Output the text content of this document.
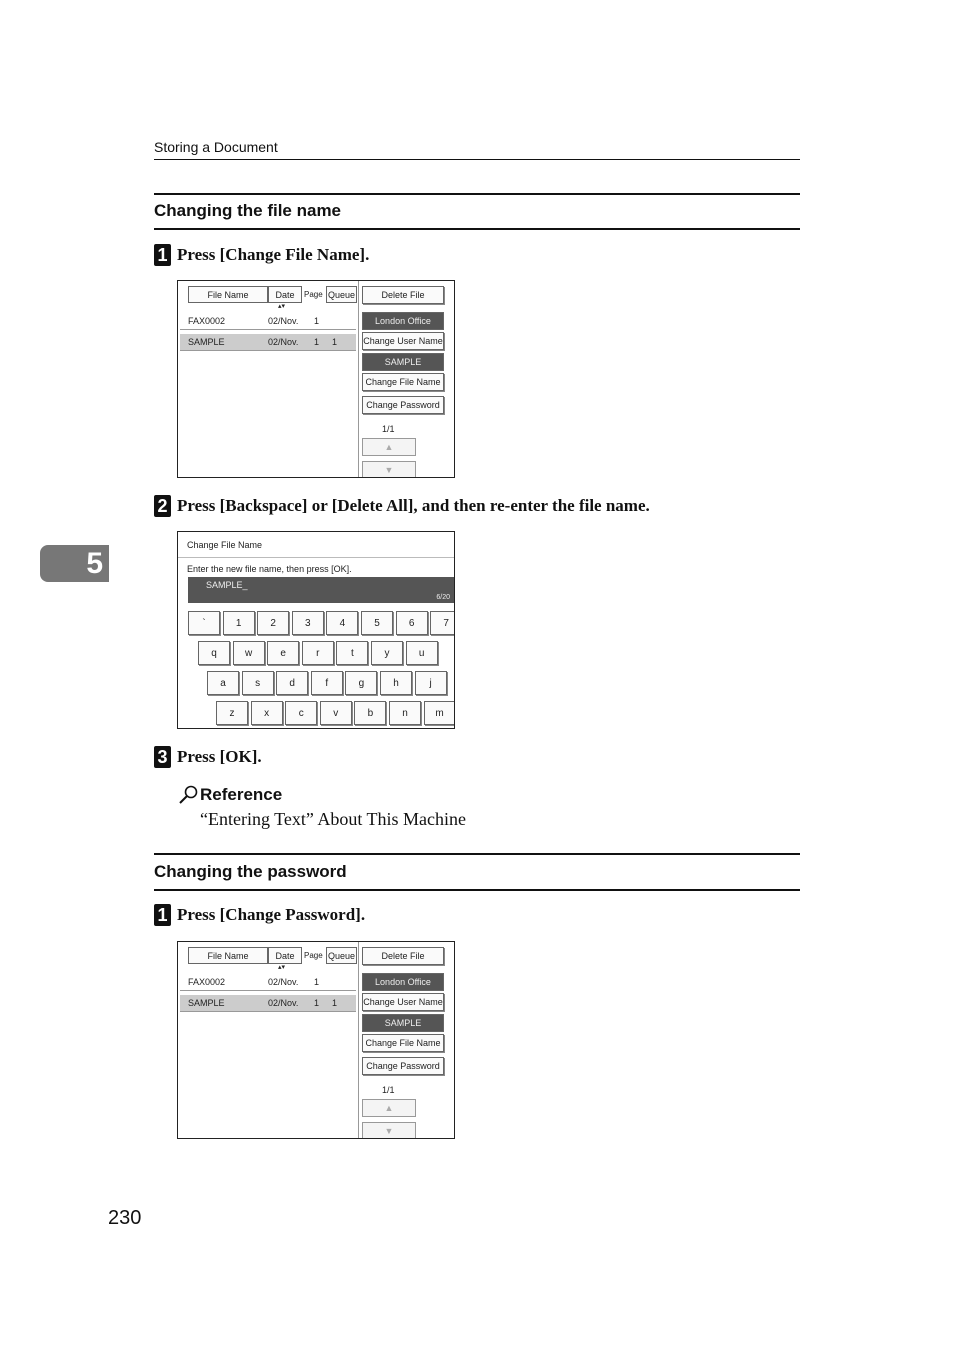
Storing a Document
5
Changing the file name
1 Press [Change File Name].
File Name	Date	Page Queue
▴▾
FAX0002	02/Nov. 1
SAMPLE	02/Nov. 1 1
Delete File
London Office
Change User Name
SAMPLE
Change File Name
Change Password
1/1
▲
▼
2 Press [Backspace] or [Delete All], and then re-enter the file name.
Change File Name
Enter the new file name, then press [OK].
SAMPLE_
6/20
`	1	2	3	4	5	6	7
q	w	e	r	t	y	u
a	s	d	f	g	h	j
z	x	c	v	b	n	m
3 Press [OK].
Reference
“Entering Text” About This Machine
Changing the password
1 Press [Change Password].
File Name	Date	Page Queue
▴▾
FAX0002	02/Nov. 1
SAMPLE	02/Nov. 1 1
Delete File
London Office
Change User Name
SAMPLE
Change File Name
Change Password
1/1
▲
▼
230
